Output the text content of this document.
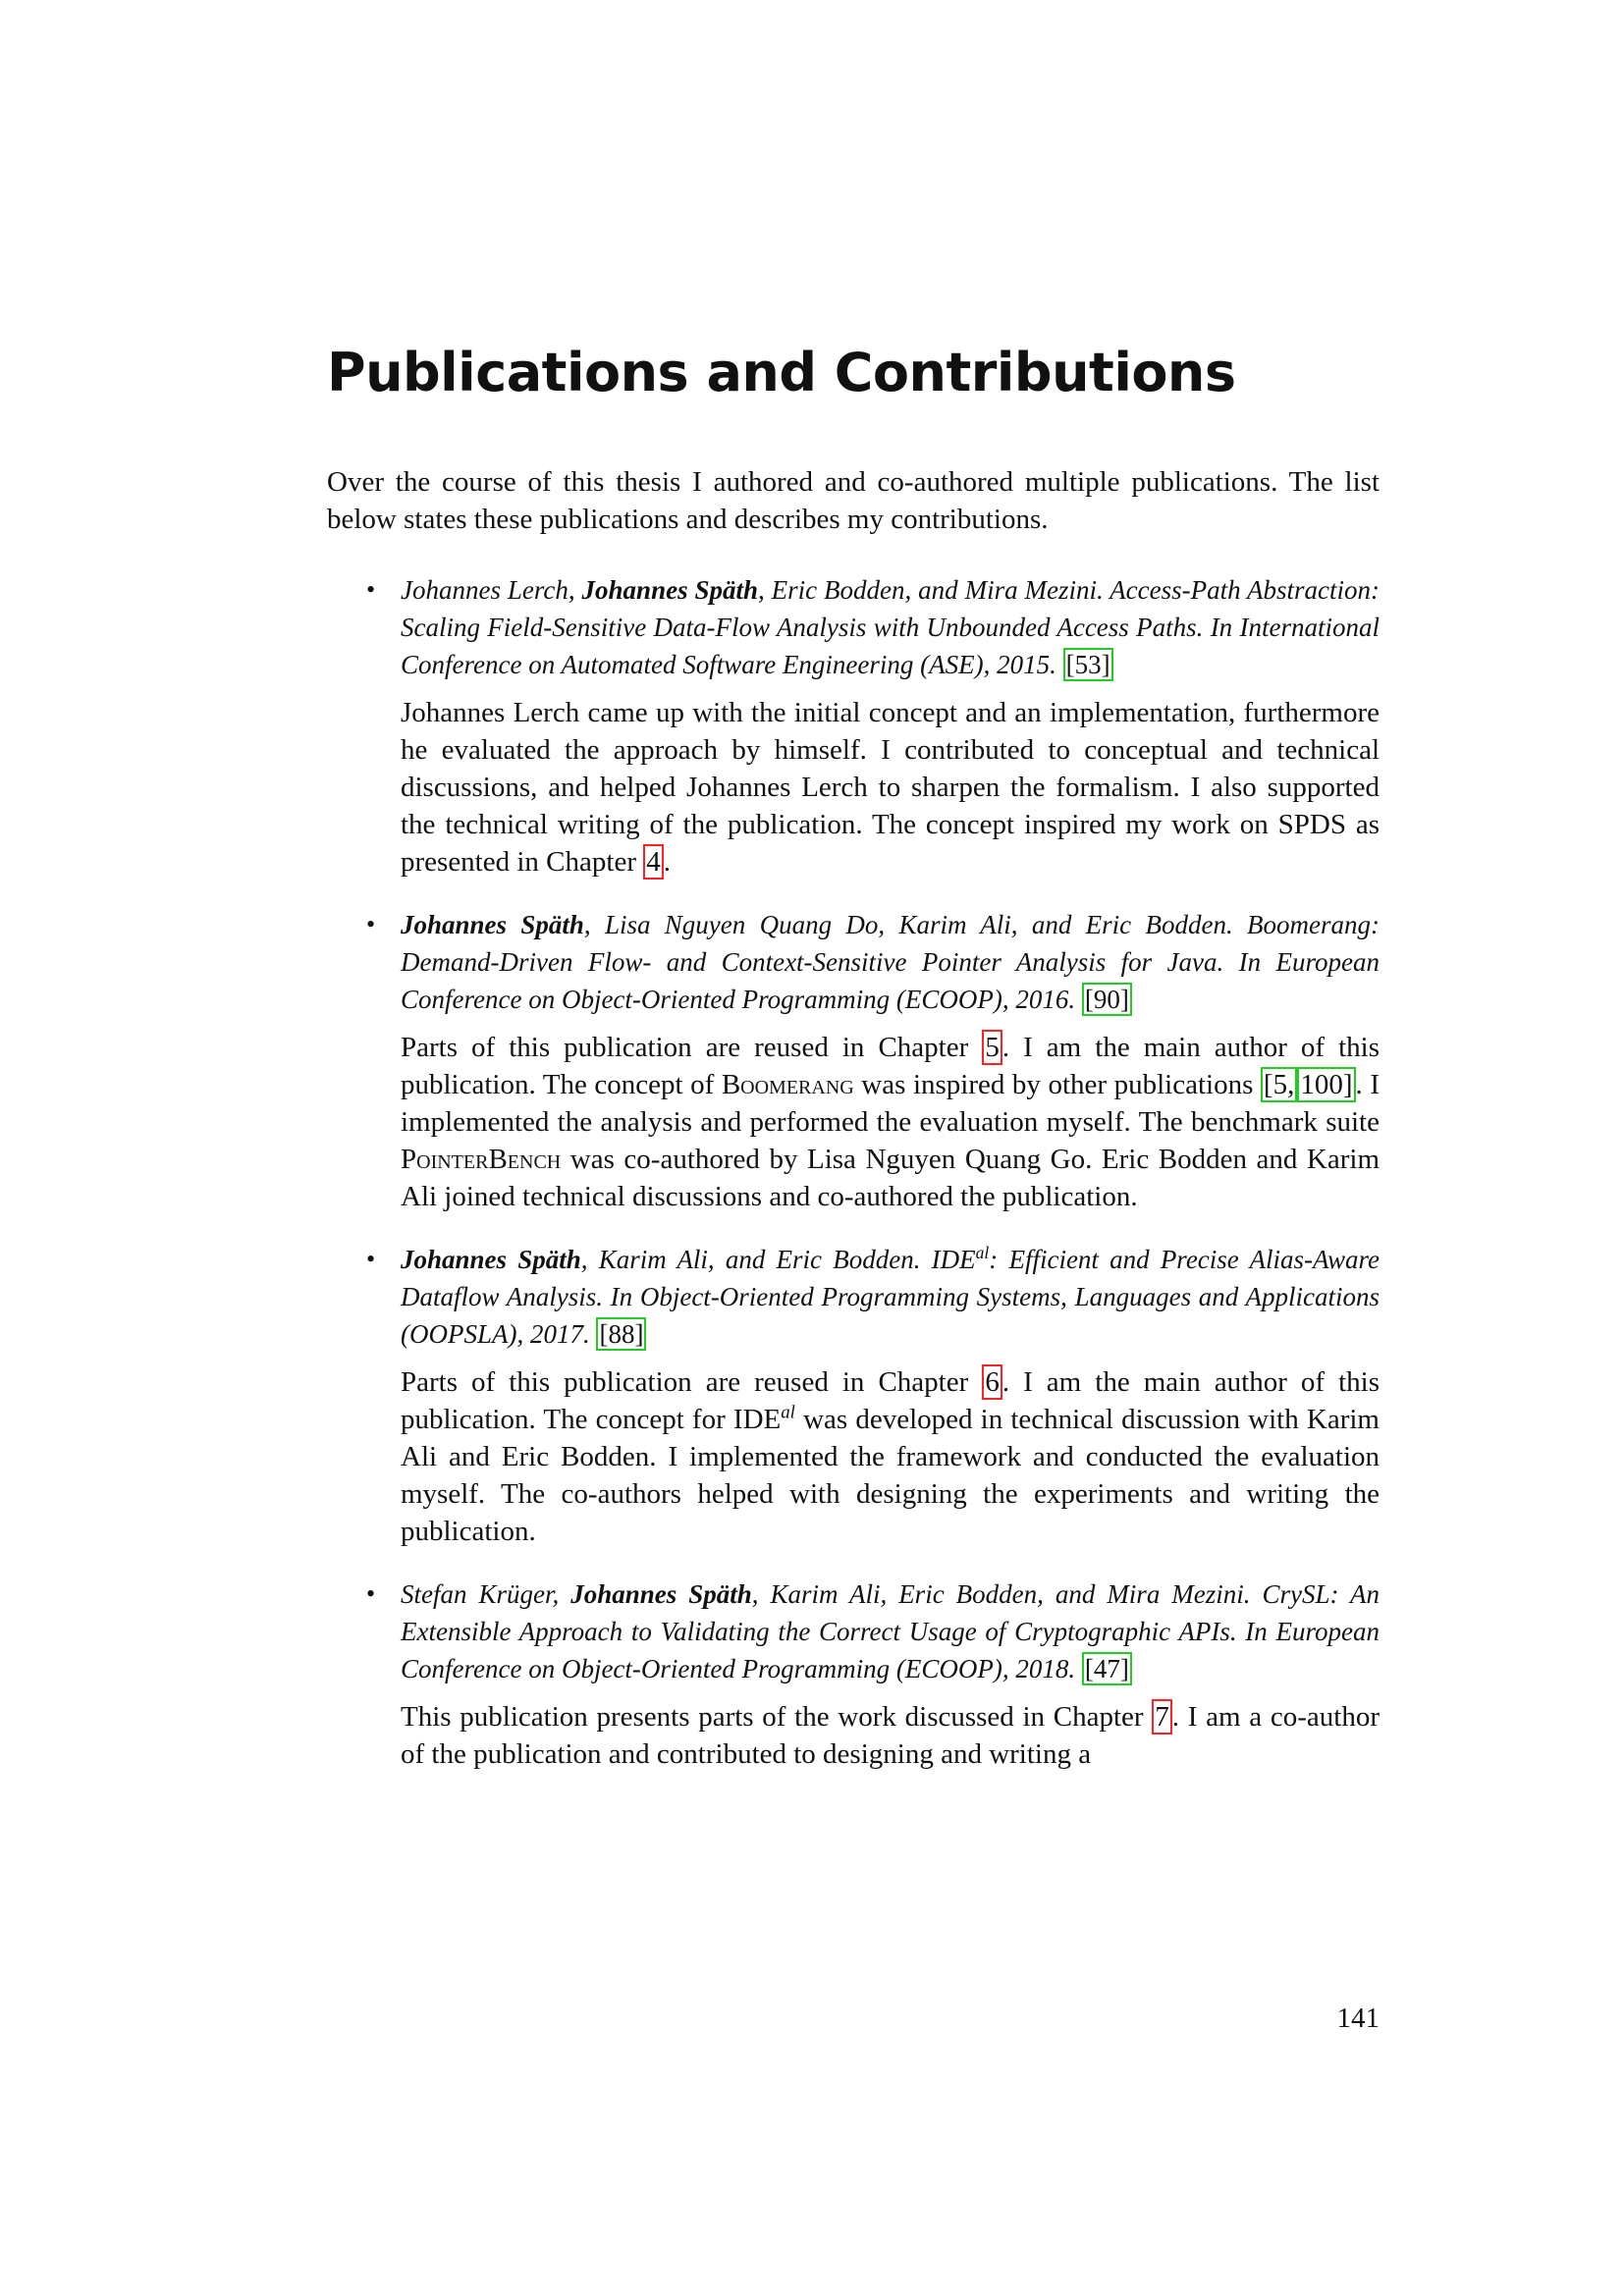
Publications and Contributions

Over the course of this thesis I authored and co-authored multiple publications. The list below states these publications and describes my contributions.

• Johannes Lerch, Johannes Späth, Eric Bodden, and Mira Mezini. Access-Path Abstraction: Scaling Field-Sensitive Data-Flow Analysis with Unbounded Access Paths. In International Conference on Automated Software Engineering (ASE), 2015. [53]

Johannes Lerch came up with the initial concept and an implementation, furthermore he evaluated the approach by himself. I contributed to conceptual and technical discussions, and helped Johannes Lerch to sharpen the formalism. I also supported the technical writing of the publication. The concept inspired my work on SPDS as presented in Chapter 4 .

• Johannes Späth, Lisa Nguyen Quang Do, Karim Ali, and Eric Bodden. Boomerang: Demand-Driven Flow- and Context-Sensitive Pointer Analysis for Java. In European Conference on Object-Oriented Programming (ECOOP), 2016. [90]

Parts of this publication are reused in Chapter 5 . I am the main author of this publication. The concept of Boomerang was inspired by other publications [5, 100] . I implemented the analysis and performed the evaluation myself. The benchmark suite PointerBench was co-authored by Lisa Nguyen Quang Go. Eric Bodden and Karim Ali joined technical discussions and co-authored the publication.

• Johannes Späth, Karim Ali, and Eric Bodden. $IDE^{al}$: Efficient and Precise Alias-Aware Dataflow Analysis. In Object-Oriented Programming Systems, Languages and Applications (OOPSLA), 2017. [88]

Parts of this publication are reused in Chapter 6 . I am the main author of this publication. The concept for $IDE^{al}$ was developed in technical discussion with Karim Ali and Eric Bodden. I implemented the framework and conducted the evaluation myself. The co-authors helped with designing the experiments and writing the publication.

• Stefan Krüger, Johannes Späth, Karim Ali, Eric Bodden, and Mira Mezini. CrySL: An Extensible Approach to Validating the Correct Usage of Cryptographic APIs. In European Conference on Object-Oriented Programming (ECOOP), 2018. [47]

This publication presents parts of the work discussed in Chapter 7 . I am a co-author of the publication and contributed to designing and writing a

141
